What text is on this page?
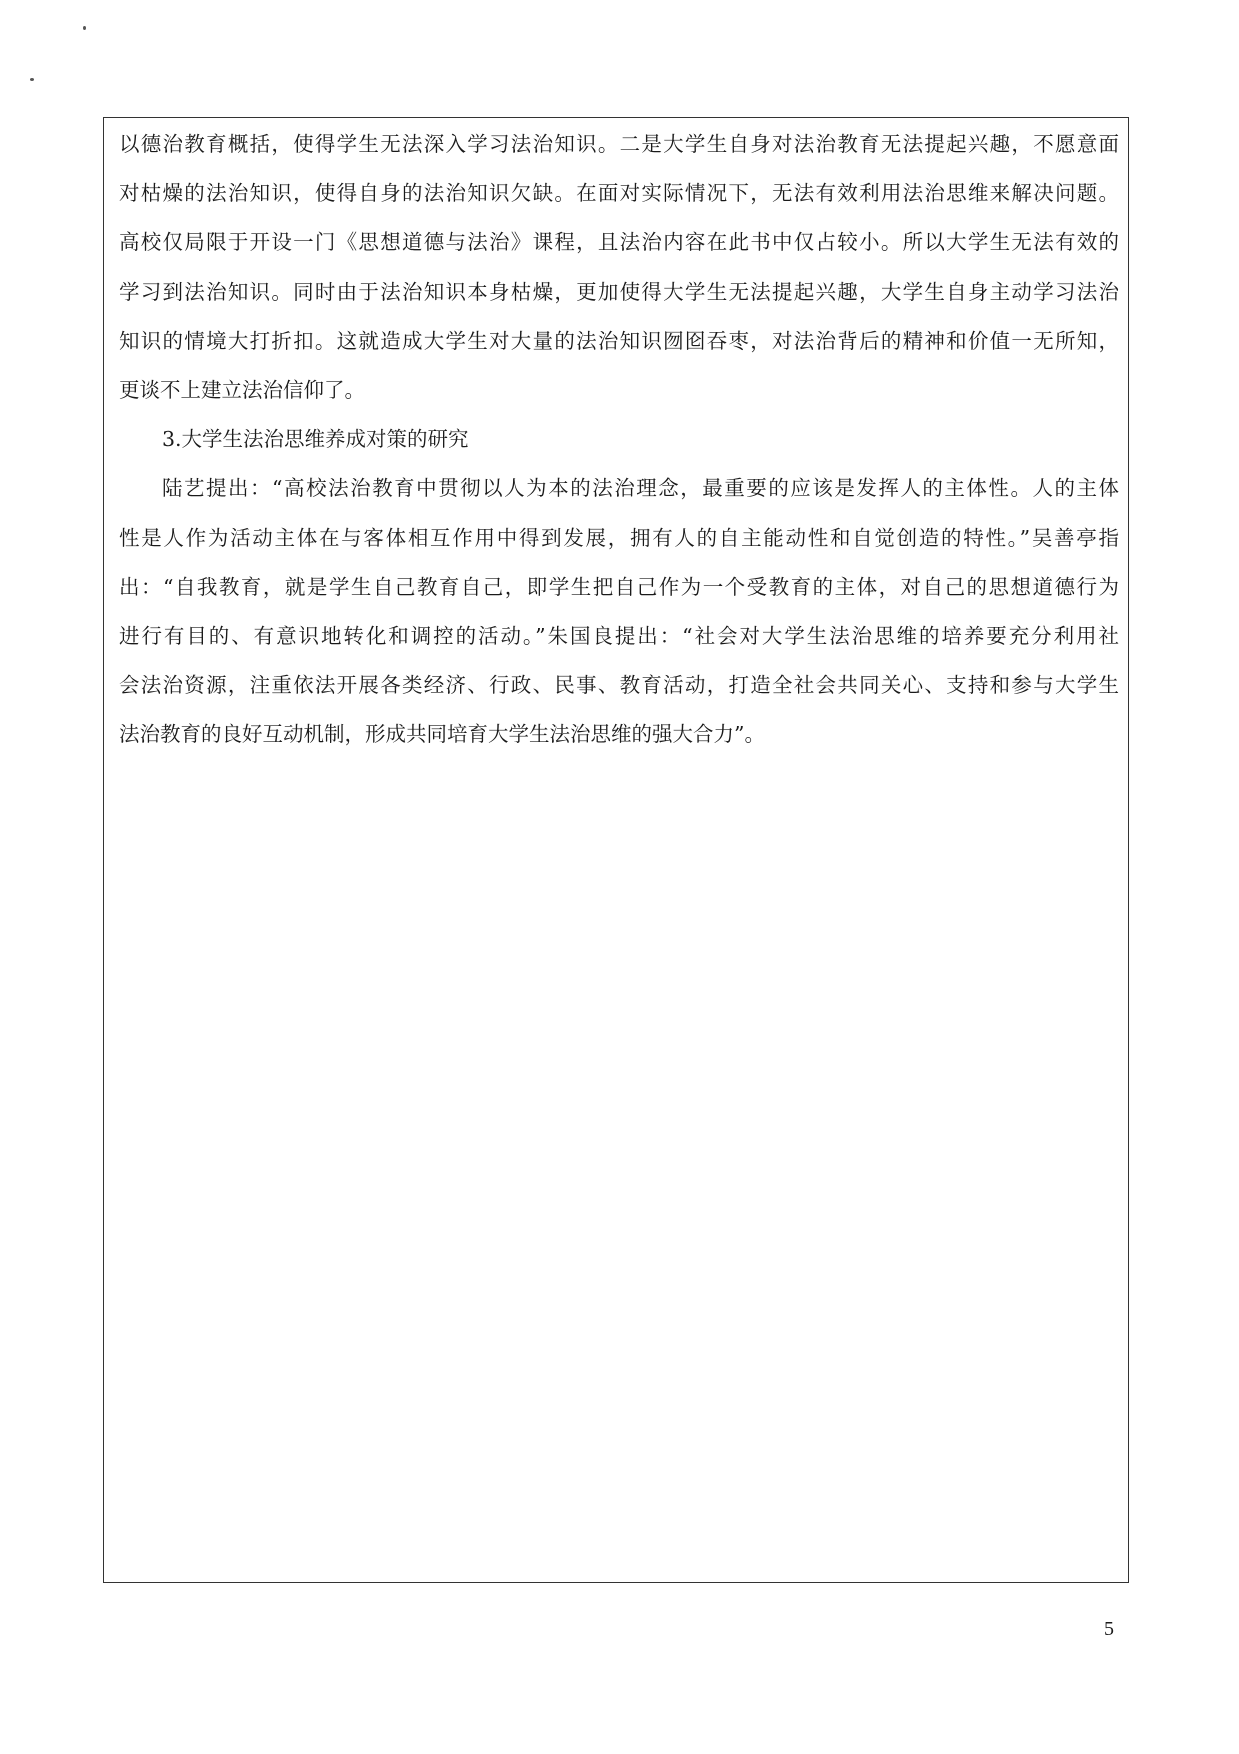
以德治教育概括，使得学生无法深入学习法治知识。二是大学生自身对法治教育无法提起兴趣，不愿意面
对枯燥的法治知识，使得自身的法治知识欠缺。在面对实际情况下，无法有效利用法治思维来解决问题。
高校仅局限于开设一门《思想道德与法治》课程，且法治内容在此书中仅占较小。所以大学生无法有效的
学习到法治知识。同时由于法治知识本身枯燥，更加使得大学生无法提起兴趣，大学生自身主动学习法治
知识的情境大打折扣。这就造成大学生对大量的法治知识囫囵吞枣，对法治背后的精神和价值一无所知，
更谈不上建立法治信仰了。
3.大学生法治思维养成对策的研究
陆艺提出：“高校法治教育中贯彻以人为本的法治理念，最重要的应该是发挥人的主体性。人的主体
性是人作为活动主体在与客体相互作用中得到发展，拥有人的自主能动性和自觉创造的特性。”吴善亭指
出：“自我教育，就是学生自己教育自己，即学生把自己作为一个受教育的主体，对自己的思想道德行为
进行有目的、有意识地转化和调控的活动。”朱国良提出：“社会对大学生法治思维的培养要充分利用社
会法治资源，注重依法开展各类经济、行政、民事、教育活动，打造全社会共同关心、支持和参与大学生
法治教育的良好互动机制，形成共同培育大学生法治思维的强大合力”。
5
